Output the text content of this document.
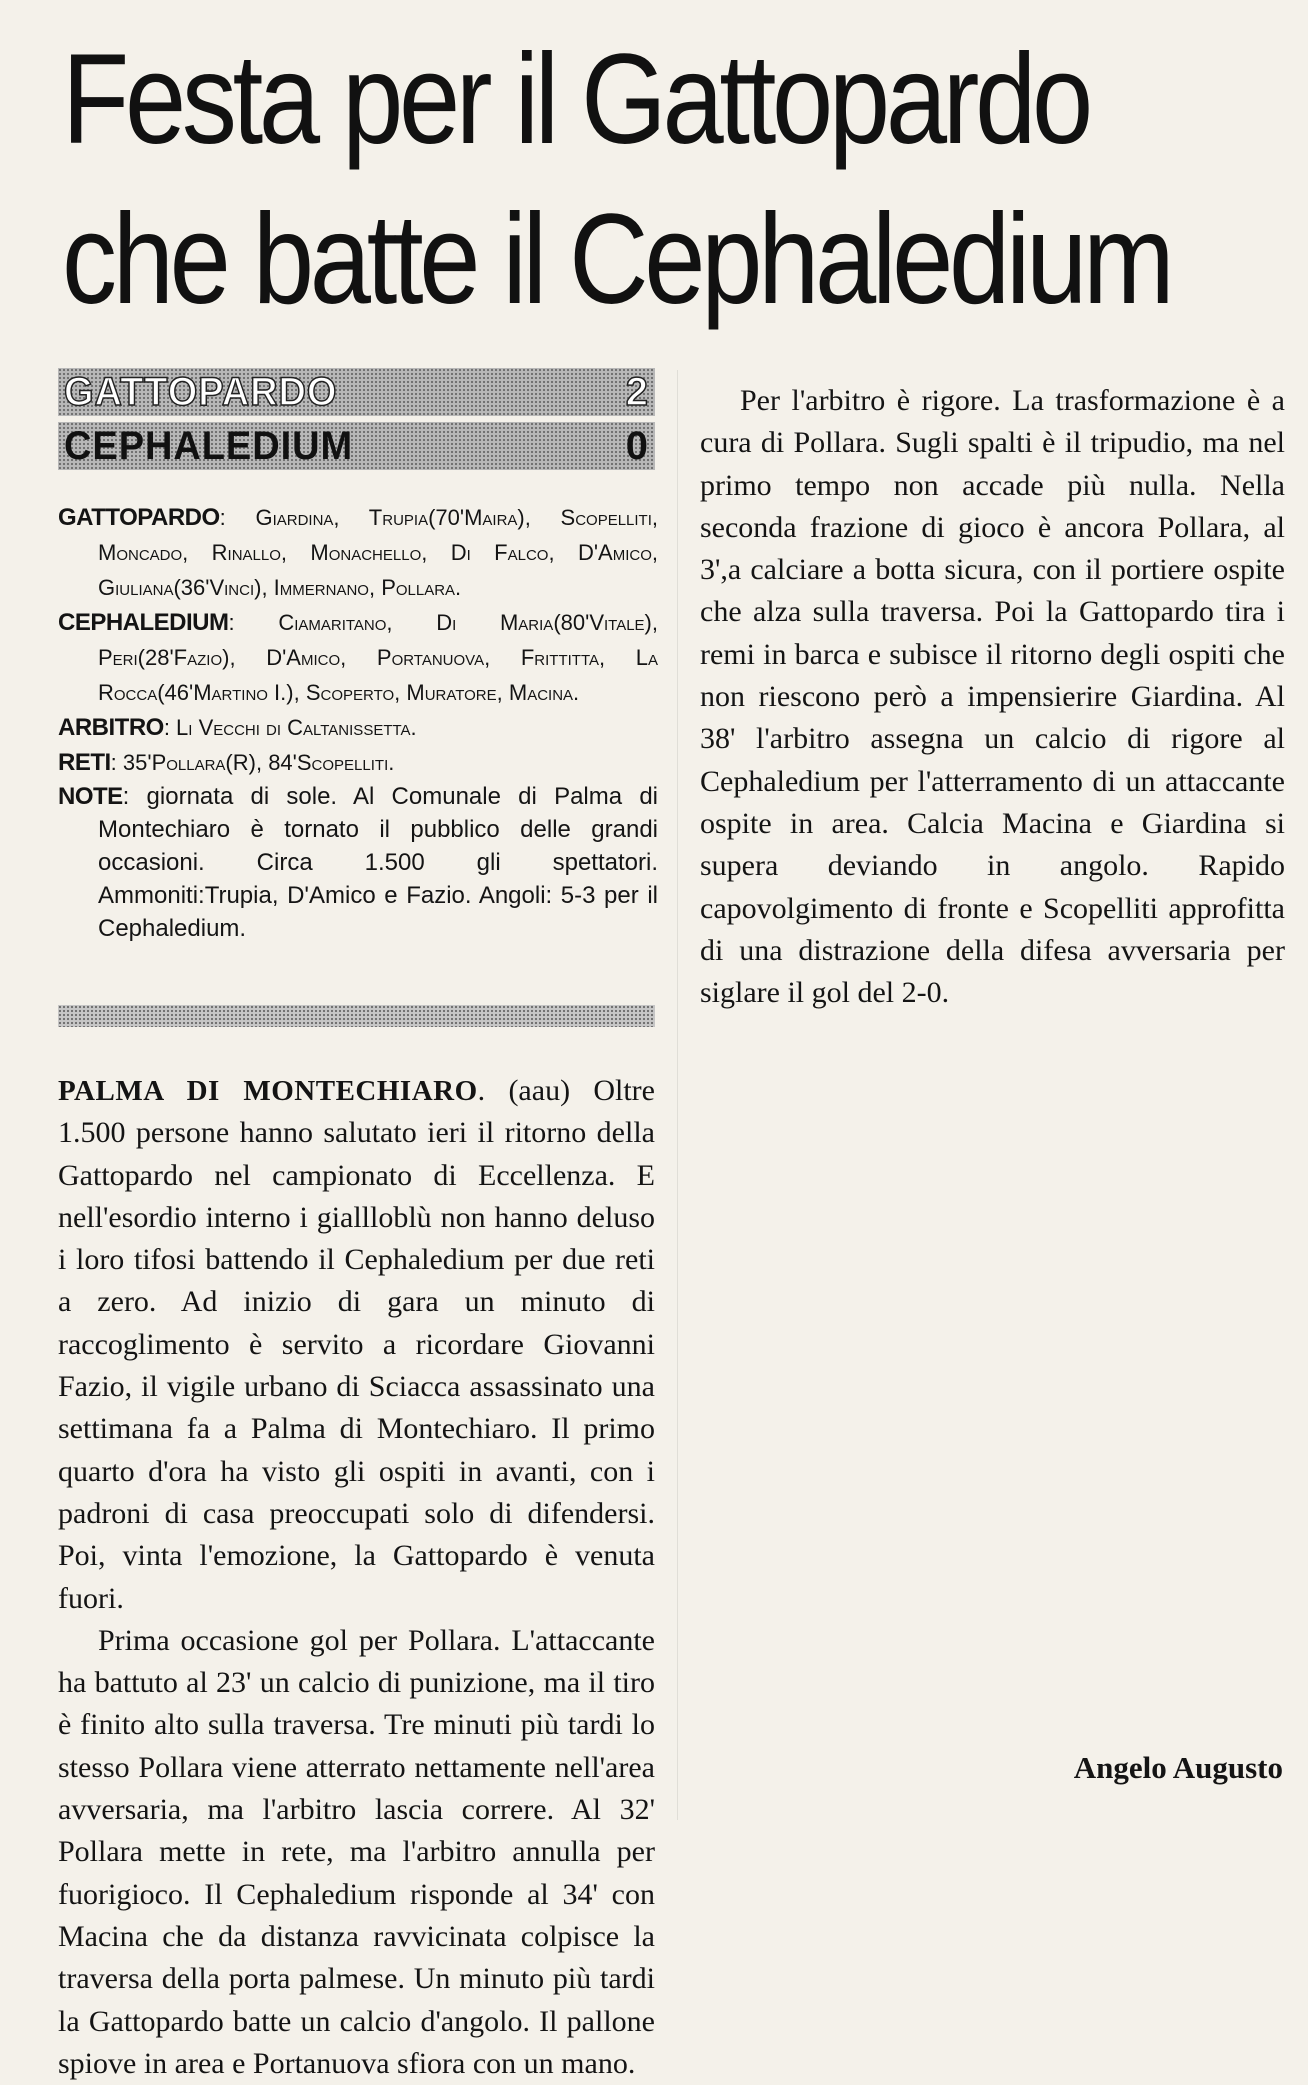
Festa per il Gattopardo
che batte il Cephaledium
GATTOPARDO	2
CEPHALEDIUM	0

GATTOPARDO: Giardina, Trupia(70'Maira), Scopelliti, Moncado, Rinallo, Monachello, Di Falco, D'Amico, Giuliana(36'Vinci), Immernano, Pollara.

CEPHALEDIUM: Ciamaritano, Di Maria(80'Vitale), Peri(28'Fazio), D'Amico, Portanuova, Frittitta, La Rocca(46'Martino I.), Scoperto, Muratore, Macina.

ARBITRO: Li Vecchi di Caltanissetta.

RETI: 35'Pollara(R), 84'Scopelliti.

NOTE: giornata di sole. Al Comunale di Palma di Montechiaro è tornato il pubblico delle grandi occasioni. Circa 1.500 gli spettatori. Ammoniti:Trupia, D'Amico e Fazio. Angoli: 5-3 per il Cephaledium.

PALMA DI MONTECHIARO. (aau) Oltre 1.500 persone hanno salutato ieri il ritorno della Gattopardo nel campionato di Eccellenza. E nell'esordio interno i giallloblù non hanno deluso i loro tifosi battendo il Cephaledium per due reti a zero. Ad inizio di gara un minuto di raccoglimento è servito a ricordare Giovanni Fazio, il vigile urbano di Sciacca assassinato una settimana fa a Palma di Montechiaro. Il primo quarto d'ora ha visto gli ospiti in avanti, con i padroni di casa preoccupati solo di difendersi. Poi, vinta l'emozione, la Gattopardo è venuta fuori.

Prima occasione gol per Pollara. L'attaccante ha battuto al 23' un calcio di punizione, ma il tiro è finito alto sulla traversa. Tre minuti più tardi lo stesso Pollara viene atterrato nettamente nell'area avversaria, ma l'arbitro lascia correre. Al 32' Pollara mette in rete, ma l'arbitro annulla per fuorigioco. Il Cephaledium risponde al 34' con Macina che da distanza ravvicinata colpisce la traversa della porta palmese. Un minuto più tardi la Gattopardo batte un calcio d'angolo. Il pallone spiove in area e Portanuova sfiora con un mano.

Per l'arbitro è rigore. La trasformazione è a cura di Pollara. Sugli spalti è il tripudio, ma nel primo tempo non accade più nulla. Nella seconda frazione di gioco è ancora Pollara, al 3',a calciare a botta sicura, con il portiere ospite che alza sulla traversa. Poi la Gattopardo tira i remi in barca e subisce il ritorno degli ospiti che non riescono però a impensierire Giardina. Al 38' l'arbitro assegna un calcio di rigore al Cephaledium per l'atterramento di un attaccante ospite in area. Calcia Macina e Giardina si supera deviando in angolo. Rapido capovolgimento di fronte e Scopelliti approfitta di una distrazione della difesa avversaria per siglare il gol del 2-0.

Angelo Augusto
